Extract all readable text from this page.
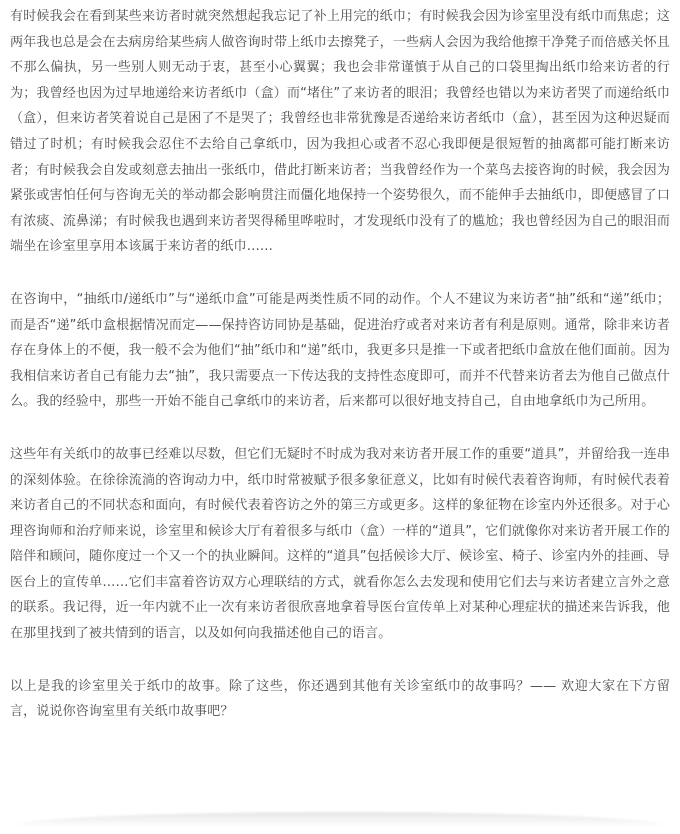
有时候我会在看到某些来访者时就突然想起我忘记了补上用完的纸巾；有时候我会因为诊室里没有纸巾而焦虑；这两年我也总是会在去病房给某些病人做咨询时带上纸巾去擦凳子，一些病人会因为我给他擦干净凳子而倍感关怀且不那么偏执，另一些别人则无动于衷，甚至小心翼翼；我也会非常谨慎于从自己的口袋里掏出纸巾给来访者的行为；我曾经也因为过早地递给来访者纸巾（盒）而“堵住”了来访者的眼泪；我曾经也错以为来访者哭了而递给纸巾（盒），但来访者笑着说自己是困了不是哭了；我曾经也非常犹豫是否递给来访者纸巾（盒），甚至因为这种迟疑而错过了时机；有时候我会忍住不去给自己拿纸巾，因为我担心或者不忍心我即便是很短暂的抽离都可能打断来访者；有时候我会自发或刻意去抽出一张纸巾，借此打断来访者；当我曾经作为一个菜鸟去接咨询的时候，我会因为紧张或害怕任何与咨询无关的举动都会影响贯注而僵化地保持一个姿势很久，而不能伸手去抽纸巾，即便感冒了口有浓痰、流鼻涕；有时候我也遇到来访者哭得稀里哗啦时，才发现纸巾没有了的尴尬；我也曾经因为自己的眼泪而端坐在诊室里享用本该属于来访者的纸巾……

在咨询中，“抽纸巾/递纸巾”与“递纸巾盒”可能是两类性质不同的动作。个人不建议为来访者“抽”纸和“递”纸巾；而是否“递”纸巾盒根据情况而定——保持咨访同协是基础，促进治疗或者对来访者有利是原则。通常，除非来访者存在身体上的不便，我一般不会为他们“抽”纸巾和“递”纸巾，我更多只是推一下或者把纸巾盒放在他们面前。因为我相信来访者自己有能力去“抽”，我只需要点一下传达我的支持性态度即可，而并不代替来访者去为他自己做点什么。我的经验中，那些一开始不能自己拿纸巾的来访者，后来都可以很好地支持自己，自由地拿纸巾为己所用。

这些年有关纸巾的故事已经难以尽数，但它们无疑时不时成为我对来访者开展工作的重要“道具”，并留给我一连串的深刻体验。在徐徐流淌的咨询动力中，纸巾时常被赋予很多象征意义，比如有时候代表着咨询师，有时候代表着来访者自己的不同状态和面向，有时候代表着咨访之外的第三方或更多。这样的象征物在诊室内外还很多。对于心理咨询师和治疗师来说，诊室里和候诊大厅有着很多与纸巾（盒）一样的“道具”，它们就像你对来访者开展工作的陪伴和顾问，随你度过一个又一个的执业瞬间。这样的“道具”包括候诊大厅、候诊室、椅子、诊室内外的挂画、导医台上的宣传单……它们丰富着咨访双方心理联结的方式，就看你怎么去发现和使用它们去与来访者建立言外之意的联系。我记得，近一年内就不止一次有来访者很欣喜地拿着导医台宣传单上对某种心理症状的描述来告诉我，他在那里找到了被共情到的语言，以及如何向我描述他自己的语言。

以上是我的诊室里关于纸巾的故事。除了这些，你还遇到其他有关诊室纸巾的故事吗？—— 欢迎大家在下方留言，说说你咨询室里有关纸巾故事吧？
